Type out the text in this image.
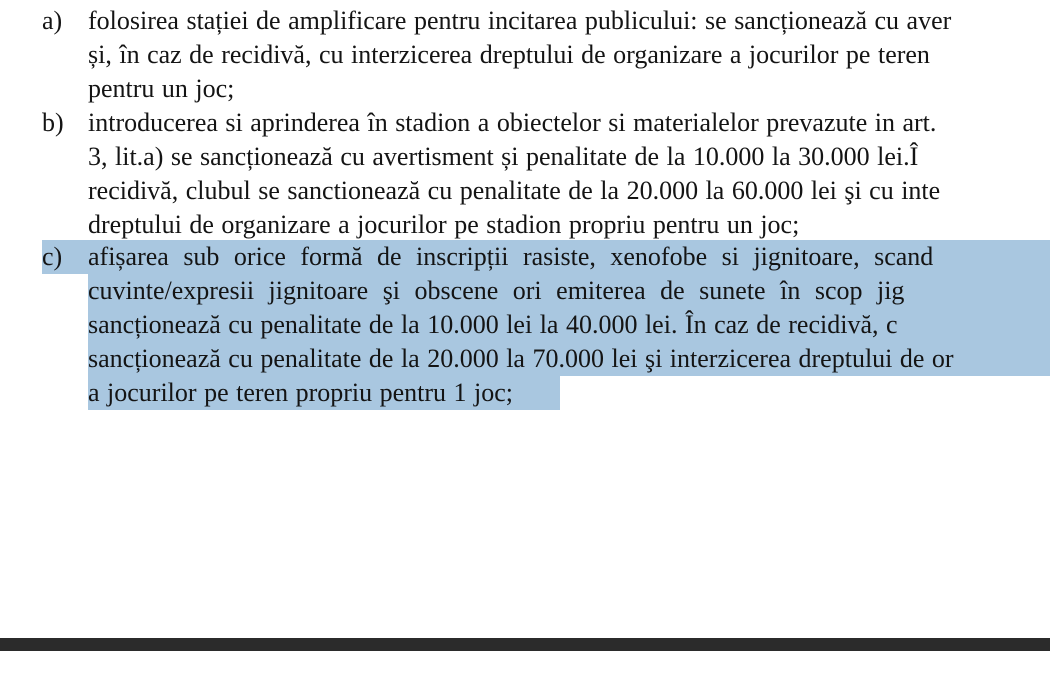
a) folosirea stației de amplificare pentru incitarea publicului: se sancționează cu aver
și, în caz de recidivă, cu interzicerea dreptului de organizare a jocurilor pe teren
pentru un joc;
b) introducerea si aprinderea în stadion a obiectelor si materialelor prevazute in art.
3, lit.a) se sancționează cu avertisment și penalitate de la 10.000 la 30.000 lei.Î
recidivă, clubul se sanctionează cu penalitate de la 20.000 la 60.000 lei şi cu inte
dreptului de organizare a jocurilor pe stadion propriu pentru un joc;
c) afișarea sub orice formă de inscripții rasiste, xenofobe si jignitoare, scand
cuvinte/expresii jignitoare şi obscene ori emiterea de sunete în scop jig
sancționează cu penalitate de la 10.000 lei la 40.000 lei. În caz de recidivă, c
sancționează cu penalitate de la 20.000 la 70.000 lei şi interzicerea dreptului de or
a jocurilor pe teren propriu pentru 1 joc;
